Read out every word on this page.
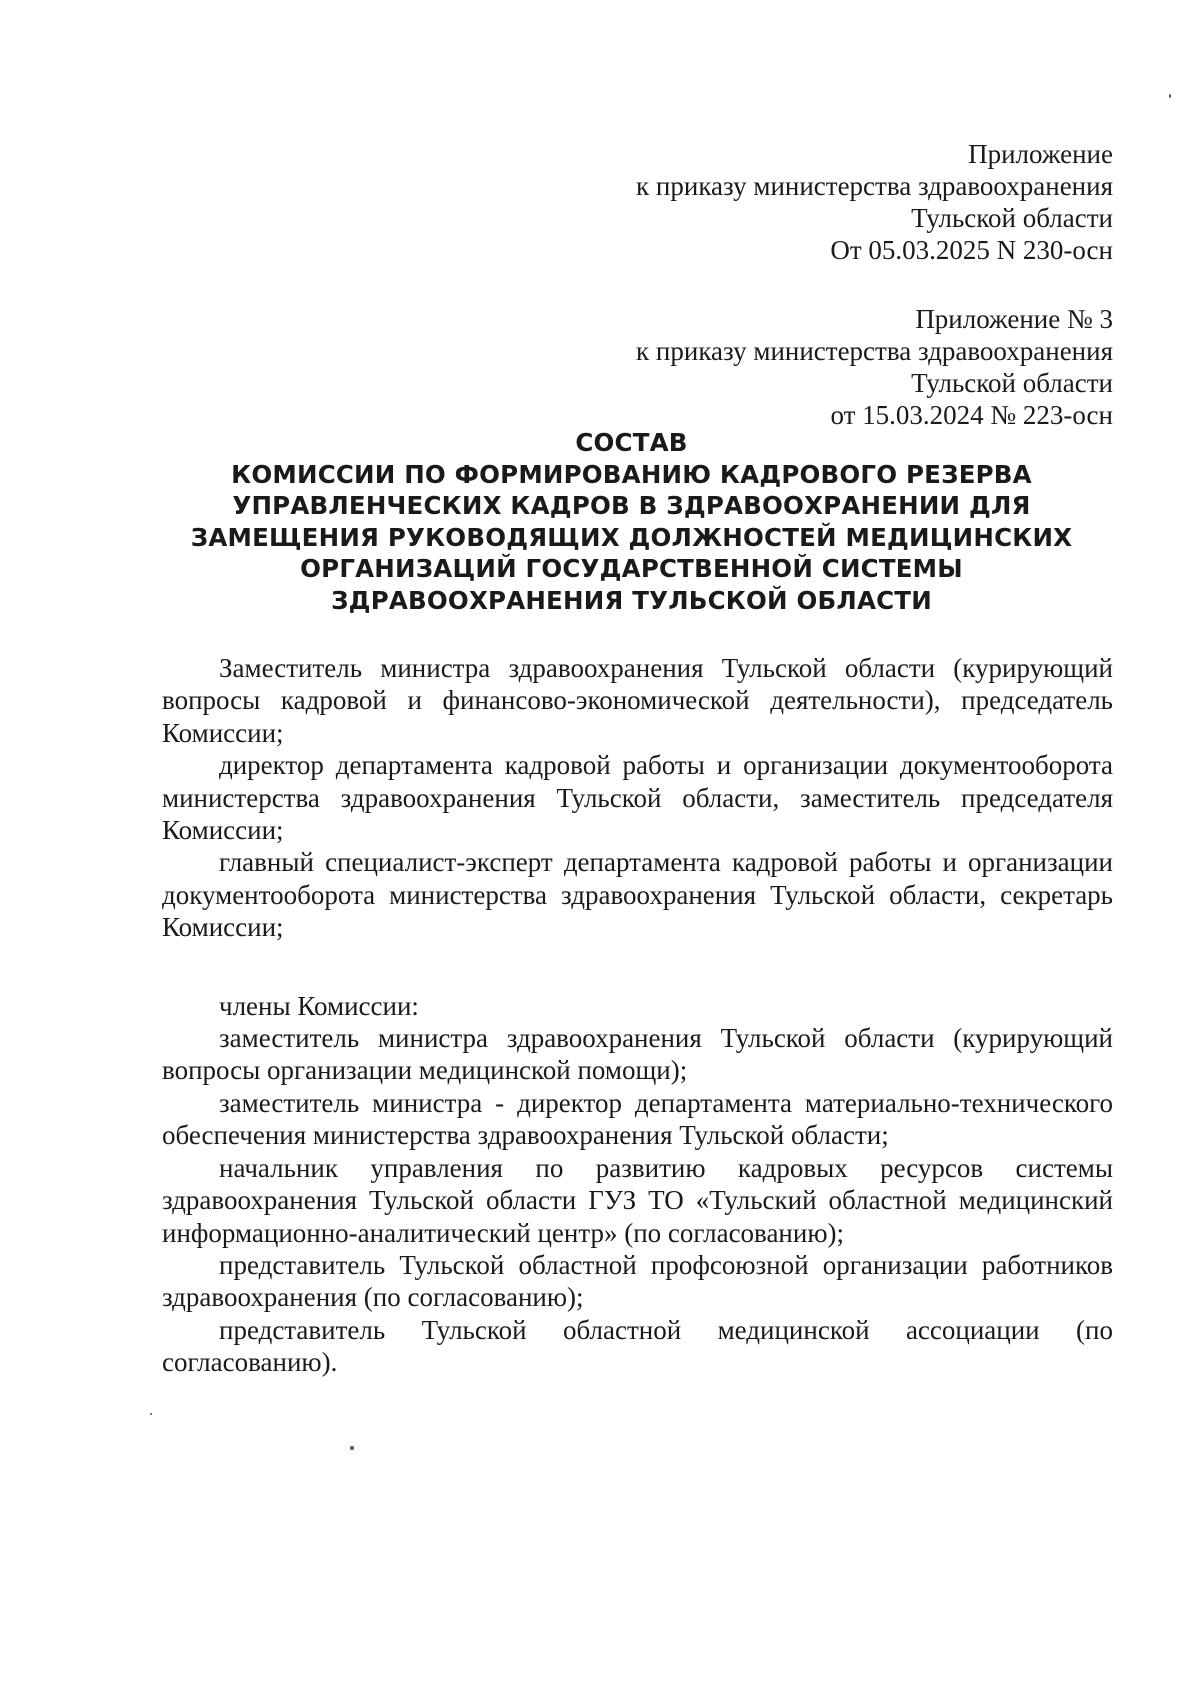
Приложение
к приказу министерства здравоохранения
Тульской области
От 05.03.2025 N 230-осн
Приложение № 3
к приказу министерства здравоохранения
Тульской области
от 15.03.2024 № 223-осн
СОСТАВ
КОМИССИИ ПО ФОРМИРОВАНИЮ КАДРОВОГО РЕЗЕРВА
УПРАВЛЕНЧЕСКИХ КАДРОВ В ЗДРАВООХРАНЕНИИ ДЛЯ
ЗАМЕЩЕНИЯ РУКОВОДЯЩИХ ДОЛЖНОСТЕЙ МЕДИЦИНСКИХ
ОРГАНИЗАЦИЙ ГОСУДАРСТВЕННОЙ СИСТЕМЫ
ЗДРАВООХРАНЕНИЯ ТУЛЬСКОЙ ОБЛАСТИ

Заместитель министра здравоохранения Тульской области (курирующий вопросы кадровой и финансово-экономической деятельности), председатель Комиссии;

директор департамента кадровой работы и организации документооборота министерства здравоохранения Тульской области, заместитель председателя Комиссии;

главный специалист-эксперт департамента кадровой работы и организации документооборота министерства здравоохранения Тульской области, секретарь Комиссии;

члены Комиссии:

заместитель министра здравоохранения Тульской области (курирующий вопросы организации медицинской помощи);

заместитель министра - директор департамента материально-технического обеспечения министерства здравоохранения Тульской области;

начальник управления по развитию кадровых ресурсов системы здравоохранения Тульской области ГУЗ ТО «Тульский областной медицинский информационно-аналитический центр» (по согласованию);

представитель Тульской областной профсоюзной организации работников здравоохранения (по согласованию);

представитель Тульской областной медицинской ассоциации (по согласованию).
